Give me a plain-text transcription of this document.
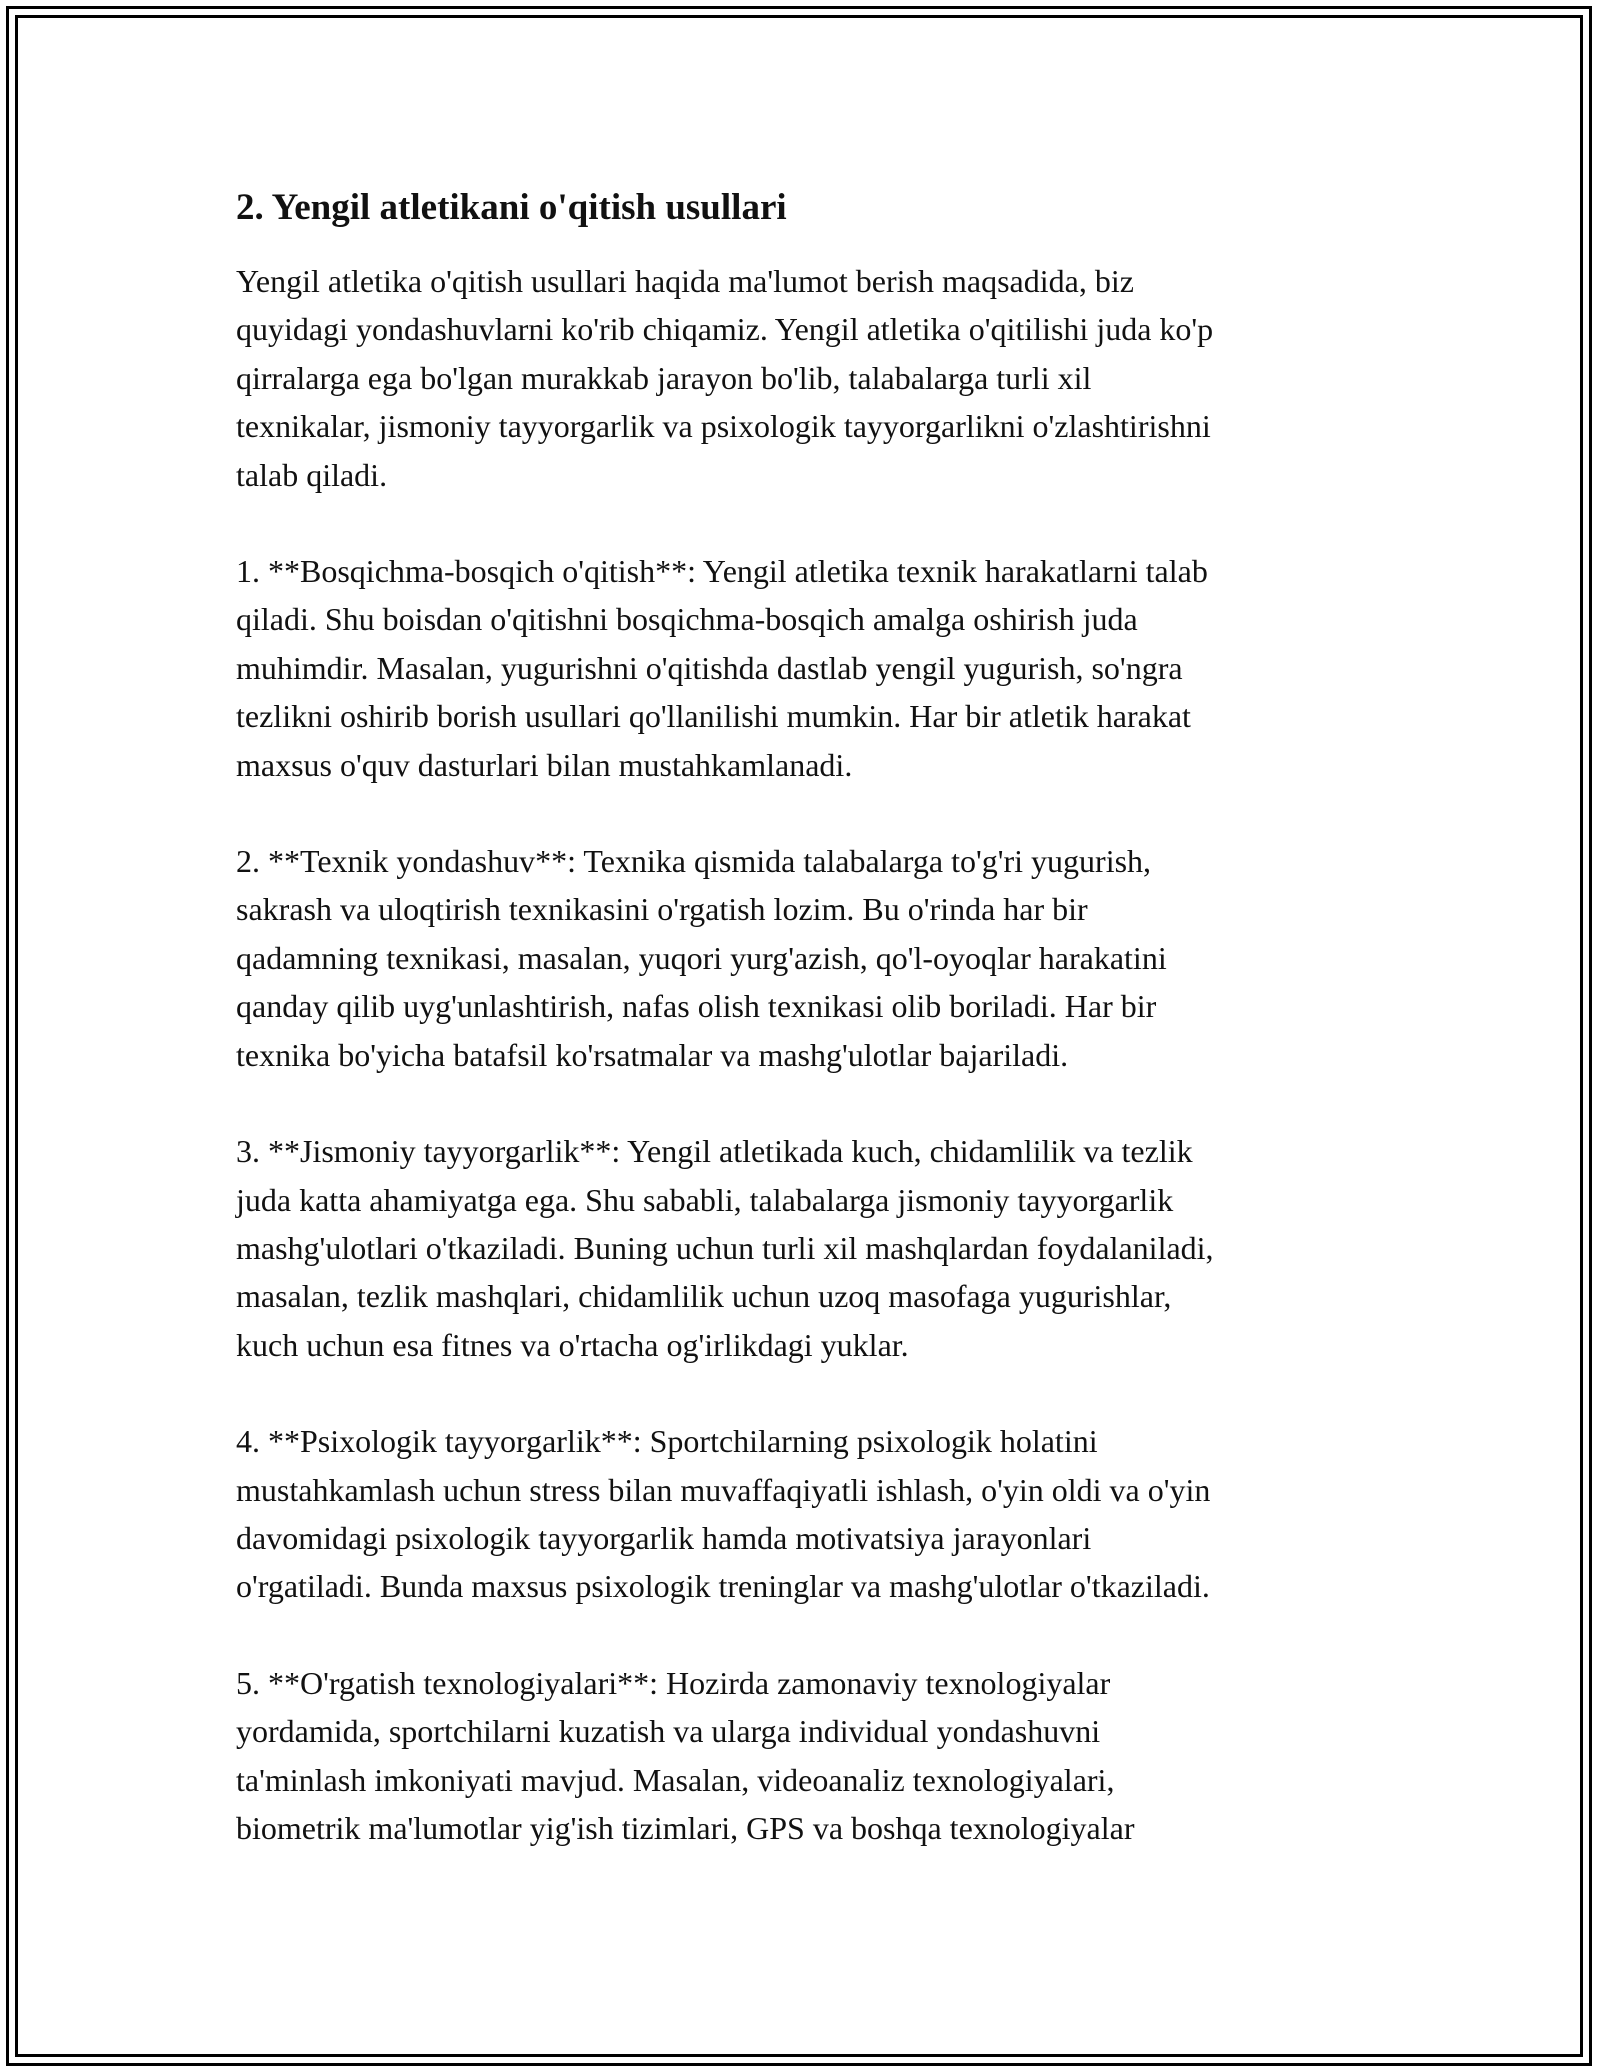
2. Yengil atletikani o'qitish usullari

Yengil atletika o'qitish usullari haqida ma'lumot berish maqsadida, biz
quyidagi yondashuvlarni ko'rib chiqamiz. Yengil atletika o'qitilishi juda ko'p
qirralarga ega bo'lgan murakkab jarayon bo'lib, talabalarga turli xil
texnikalar, jismoniy tayyorgarlik va psixologik tayyorgarlikni o'zlashtirishni
talab qiladi.

1. **Bosqichma-bosqich o'qitish**: Yengil atletika texnik harakatlarni talab
qiladi. Shu boisdan o'qitishni bosqichma-bosqich amalga oshirish juda
muhimdir. Masalan, yugurishni o'qitishda dastlab yengil yugurish, so'ngra
tezlikni oshirib borish usullari qo'llanilishi mumkin. Har bir atletik harakat
maxsus o'quv dasturlari bilan mustahkamlanadi.

2. **Texnik yondashuv**: Texnika qismida talabalarga to'g'ri yugurish,
sakrash va uloqtirish texnikasini o'rgatish lozim. Bu o'rinda har bir
qadamning texnikasi, masalan, yuqori yurg'azish, qo'l-oyoqlar harakatini
qanday qilib uyg'unlashtirish, nafas olish texnikasi olib boriladi. Har bir
texnika bo'yicha batafsil ko'rsatmalar va mashg'ulotlar bajariladi.

3. **Jismoniy tayyorgarlik**: Yengil atletikada kuch, chidamlilik va tezlik
juda katta ahamiyatga ega. Shu sababli, talabalarga jismoniy tayyorgarlik
mashg'ulotlari o'tkaziladi. Buning uchun turli xil mashqlardan foydalaniladi,
masalan, tezlik mashqlari, chidamlilik uchun uzoq masofaga yugurishlar,
kuch uchun esa fitnes va o'rtacha og'irlikdagi yuklar.

4. **Psixologik tayyorgarlik**: Sportchilarning psixologik holatini
mustahkamlash uchun stress bilan muvaffaqiyatli ishlash, o'yin oldi va o'yin
davomidagi psixologik tayyorgarlik hamda motivatsiya jarayonlari
o'rgatiladi. Bunda maxsus psixologik treninglar va mashg'ulotlar o'tkaziladi.

5. **O'rgatish texnologiyalari**: Hozirda zamonaviy texnologiyalar
yordamida, sportchilarni kuzatish va ularga individual yondashuvni
ta'minlash imkoniyati mavjud. Masalan, videoanaliz texnologiyalari,
biometrik ma'lumotlar yig'ish tizimlari, GPS va boshqa texnologiyalar
